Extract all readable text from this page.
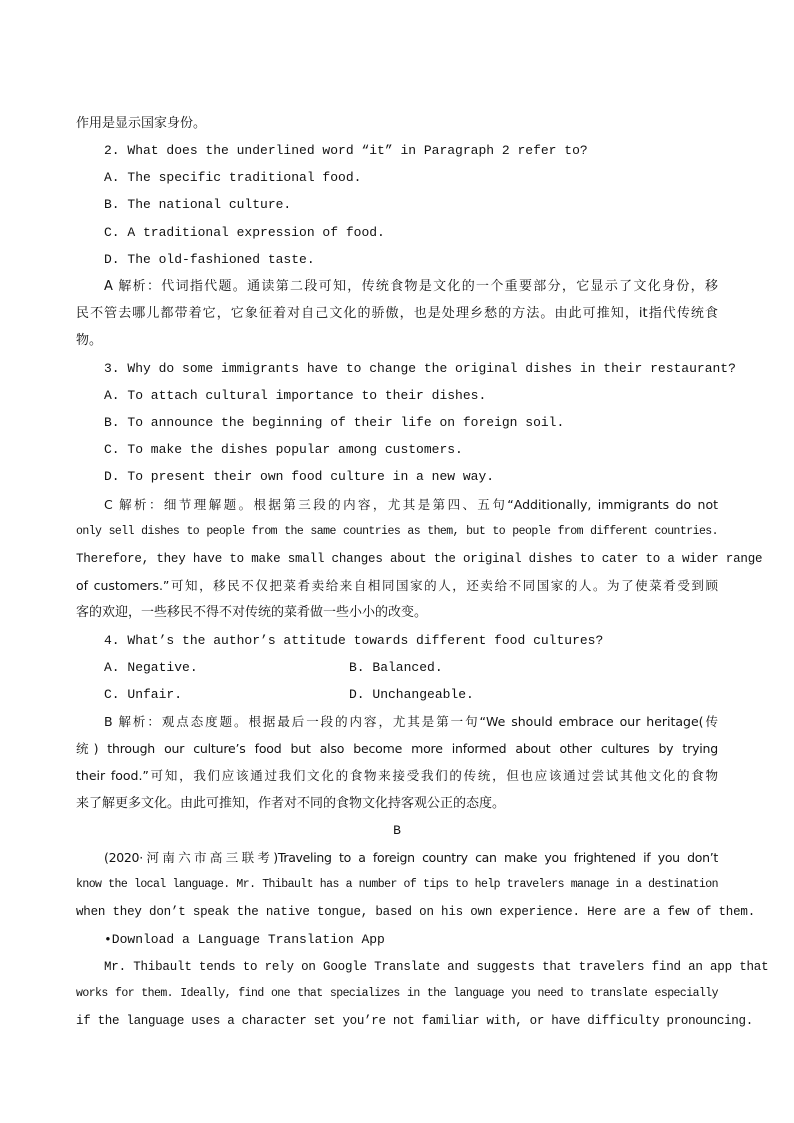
作用是显示国家身份。
2. What does the underlined word “it” in Paragraph 2 refer to?
A. The specific traditional food.
B. The national culture.
C. A traditional expression of food.
D. The old-fashioned taste.
A 解析：代词指代题。通读第二段可知，传统食物是文化的一个重要部分，它显示了文化身份，移
民不管去哪儿都带着它，它象征着对自己文化的骄傲，也是处理乡愁的方法。由此可推知，it指代传统食
物。
3. Why do some immigrants have to change the original dishes in their restaurant?
A. To attach cultural importance to their dishes.
B. To announce the beginning of their life on foreign soil.
C. To make the dishes popular among customers.
D. To present their own food culture in a new way.
C 解析：细节理解题。根据第三段的内容，尤其是第四、五句“Additionally, immigrants do not
only sell dishes to people from the same countries as them, but to people from different countries.
Therefore, they have to make small changes about the original dishes to cater to a wider range
of customers.”可知，移民不仅把菜肴卖给来自相同国家的人，还卖给不同国家的人。为了使菜肴受到顾
客的欢迎，一些移民不得不对传统的菜肴做一些小小的改变。
4. What’s the author’s attitude towards different food cultures?
A. Negative.	B. Balanced.
C. Unfair.	D. Unchangeable.
B 解析：观点态度题。根据最后一段的内容，尤其是第一句“We should embrace our heritage(传
统) through our culture’s food but also become more informed about other cultures by trying
their food.”可知，我们应该通过我们文化的食物来接受我们的传统，但也应该通过尝试其他文化的食物
来了解更多文化。由此可推知，作者对不同的食物文化持客观公正的态度。
B
(2020·河南六市高三联考)Traveling to a foreign country can make you frightened if you don’t
know the local language. Mr. Thibault has a number of tips to help travelers manage in a destination
when they don’t speak the native tongue, based on his own experience. Here are a few of them.
•Download a Language Translation App
Mr. Thibault tends to rely on Google Translate and suggests that travelers find an app that
works for them. Ideally, find one that specializes in the language you need to translate especially
if the language uses a character set you’re not familiar with, or have difficulty pronouncing.
